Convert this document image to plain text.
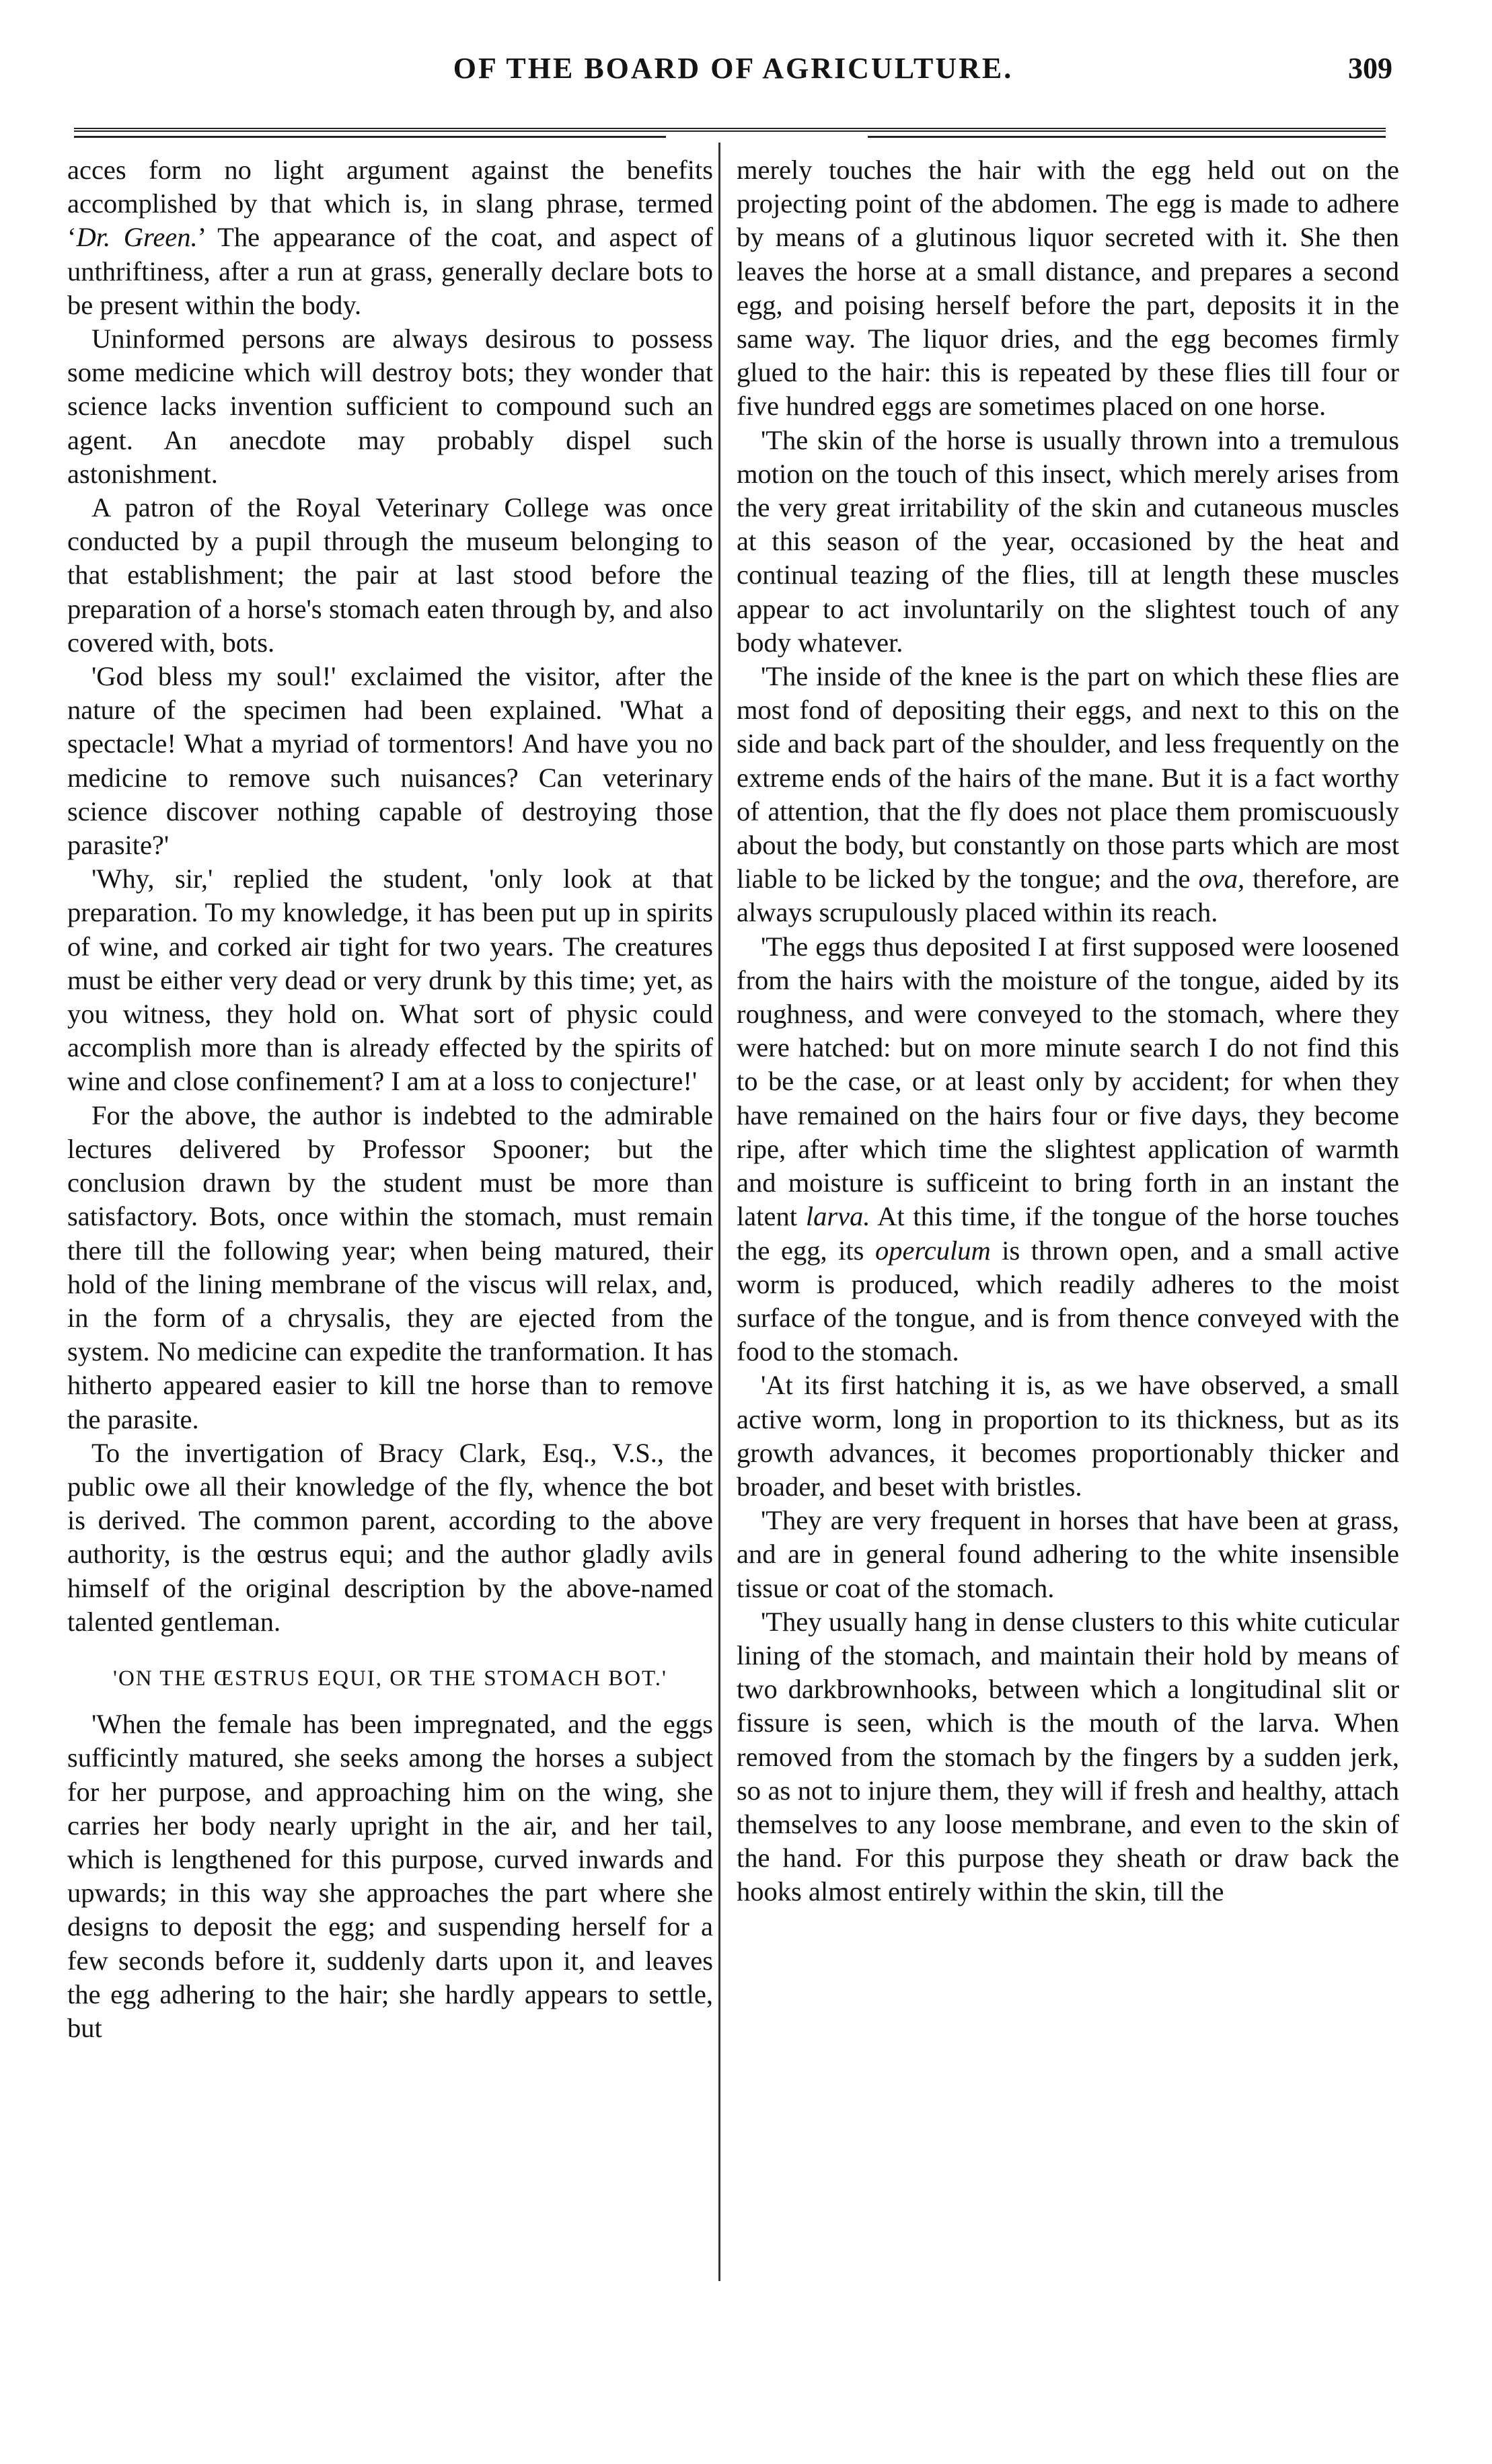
OF THE BOARD OF AGRICULTURE.	309

acces form no light argument against the benefits accomplished by that which is, in slang phrase, termed ‘Dr. Green.’ The appearance of the coat, and aspect of unthriftiness, after a run at grass, generally declare bots to be present within the body.

Uninformed persons are always desirous to possess some medicine which will destroy bots; they wonder that science lacks invention sufficient to compound such an agent. An anecdote may probably dispel such astonishment.

A patron of the Royal Veterinary College was once conducted by a pupil through the museum belonging to that establishment; the pair at last stood before the preparation of a horse's stomach eaten through by, and also covered with, bots.

'God bless my soul!' exclaimed the visitor, after the nature of the specimen had been explained. 'What a spectacle! What a myriad of tormentors! And have you no medicine to remove such nuisances? Can veterinary science discover nothing capable of destroying those parasite?'

'Why, sir,' replied the student, 'only look at that preparation. To my knowledge, it has been put up in spirits of wine, and corked air tight for two years. The creatures must be either very dead or very drunk by this time; yet, as you witness, they hold on. What sort of physic could accomplish more than is already effected by the spirits of wine and close confinement? I am at a loss to conjecture!'

For the above, the author is indebted to the admirable lectures delivered by Professor Spooner; but the conclusion drawn by the student must be more than satisfactory. Bots, once within the stomach, must remain there till the following year; when being matured, their hold of the lining membrane of the viscus will relax, and, in the form of a chrysalis, they are ejected from the system. No medicine can expedite the tranformation. It has hitherto appeared easier to kill tne horse than to remove the parasite.

To the invertigation of Bracy Clark, Esq., V.S., the public owe all their knowledge of the fly, whence the bot is derived. The common parent, according to the above authority, is the œstrus equi; and the author gladly avils himself of the original description by the above-named talented gentleman.

'ON THE ŒSTRUS EQUI, OR THE STOMACH BOT.'

'When the female has been impregnated, and the eggs sufficintly matured, she seeks among the horses a subject for her purpose, and approaching him on the wing, she carries her body nearly upright in the air, and her tail, which is lengthened for this purpose, curved inwards and upwards; in this way she approaches the part where she designs to deposit the egg; and suspending herself for a few seconds before it, suddenly darts upon it, and leaves the egg adhering to the hair; she hardly appears to settle, but

merely touches the hair with the egg held out on the projecting point of the abdomen. The egg is made to adhere by means of a glutinous liquor secreted with it. She then leaves the horse at a small distance, and prepares a second egg, and poising herself before the part, deposits it in the same way. The liquor dries, and the egg becomes firmly glued to the hair: this is repeated by these flies till four or five hundred eggs are sometimes placed on one horse.

'The skin of the horse is usually thrown into a tremulous motion on the touch of this insect, which merely arises from the very great irritability of the skin and cutaneous muscles at this season of the year, occasioned by the heat and continual teazing of the flies, till at length these muscles appear to act involuntarily on the slightest touch of any body whatever.

'The inside of the knee is the part on which these flies are most fond of depositing their eggs, and next to this on the side and back part of the shoulder, and less frequently on the extreme ends of the hairs of the mane. But it is a fact worthy of attention, that the fly does not place them promiscuously about the body, but constantly on those parts which are most liable to be licked by the tongue; and the ova, therefore, are always scrupulously placed within its reach.

'The eggs thus deposited I at first supposed were loosened from the hairs with the moisture of the tongue, aided by its roughness, and were conveyed to the stomach, where they were hatched: but on more minute search I do not find this to be the case, or at least only by accident; for when they have remained on the hairs four or five days, they become ripe, after which time the slightest application of warmth and moisture is sufficeint to bring forth in an instant the latent larva. At this time, if the tongue of the horse touches the egg, its operculum is thrown open, and a small active worm is produced, which readily adheres to the moist surface of the tongue, and is from thence conveyed with the food to the stomach.

'At its first hatching it is, as we have observed, a small active worm, long in proportion to its thickness, but as its growth advances, it becomes proportionably thicker and broader, and beset with bristles.

'They are very frequent in horses that have been at grass, and are in general found adhering to the white insensible tissue or coat of the stomach.

'They usually hang in dense clusters to this white cuticular lining of the stomach, and maintain their hold by means of two darkbrownhooks, between which a longitudinal slit or fissure is seen, which is the mouth of the larva. When removed from the stomach by the fingers by a sudden jerk, so as not to injure them, they will if fresh and healthy, attach themselves to any loose membrane, and even to the skin of the hand. For this purpose they sheath or draw back the hooks almost entirely within the skin, till the
